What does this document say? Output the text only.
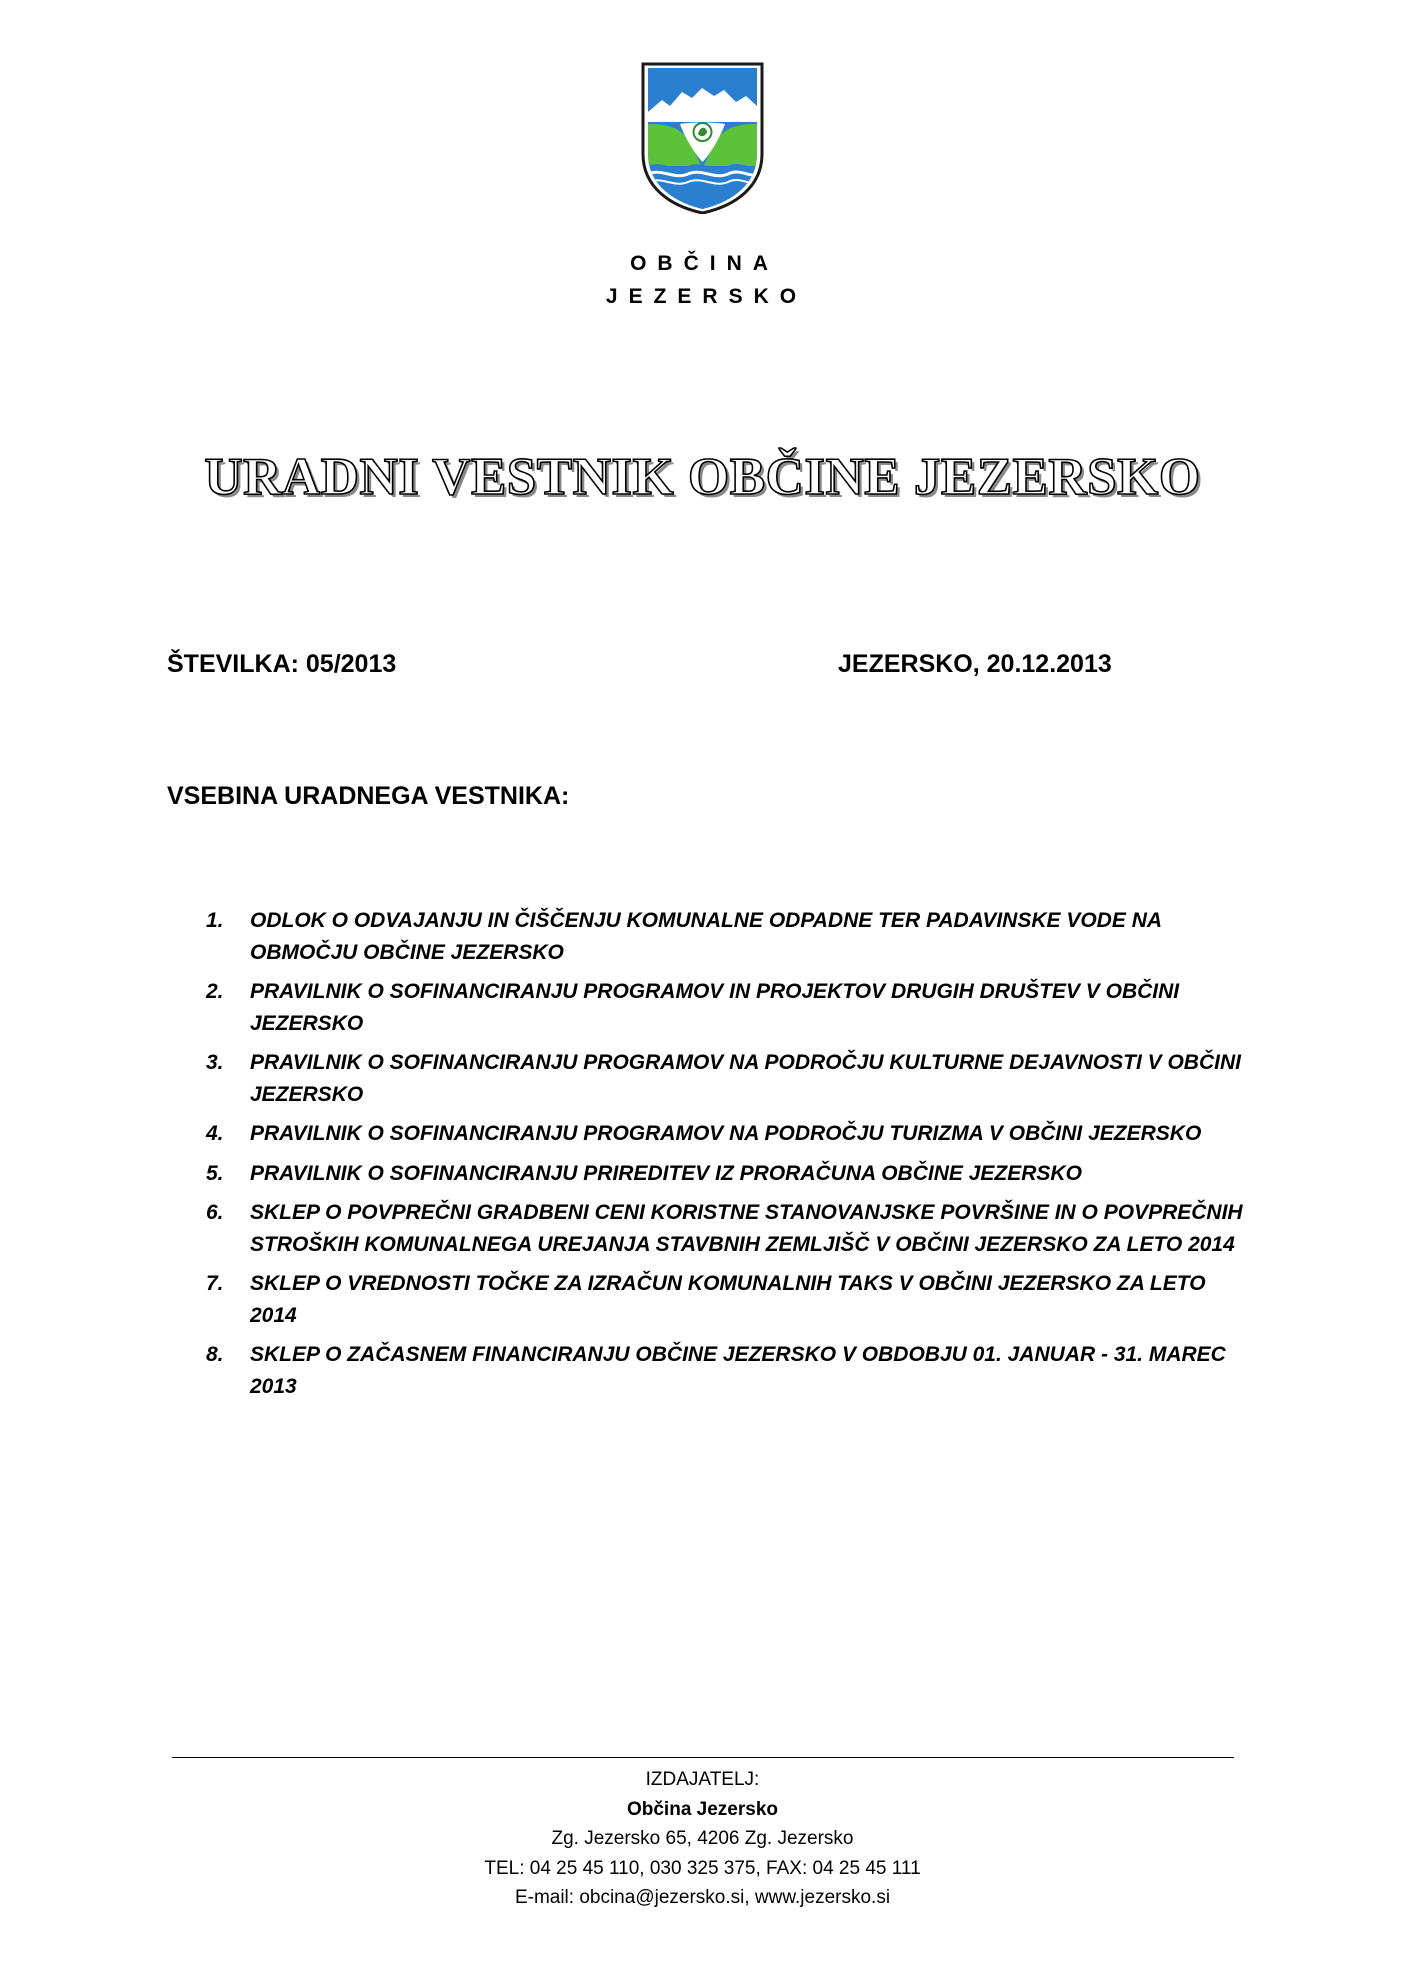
OBČINA
JEZERSKO
URADNI VESTNIK OBČINE JEZERSKO
ŠTEVILKA: 05/2013	JEZERSKO, 20.12.2013
VSEBINA URADNEGA VESTNIKA:
1.	ODLOK O ODVAJANJU IN ČIŠČENJU KOMUNALNE ODPADNE TER PADAVINSKE VODE NA OBMOČJU OBČINE JEZERSKO
2.	PRAVILNIK O SOFINANCIRANJU PROGRAMOV IN PROJEKTOV DRUGIH DRUŠTEV V OBČINI JEZERSKO
3.	PRAVILNIK O SOFINANCIRANJU PROGRAMOV NA PODROČJU KULTURNE DEJAVNOSTI V OBČINI JEZERSKO
4.	PRAVILNIK O SOFINANCIRANJU PROGRAMOV NA PODROČJU TURIZMA V OBČINI JEZERSKO
5.	PRAVILNIK O SOFINANCIRANJU PRIREDITEV IZ PRORAČUNA OBČINE JEZERSKO
6.	SKLEP O POVPREČNI GRADBENI CENI KORISTNE STANOVANJSKE POVRŠINE IN O POVPREČNIH STROŠKIH KOMUNALNEGA UREJANJA STAVBNIH ZEMLJIŠČ V OBČINI JEZERSKO ZA LETO 2014
7.	SKLEP O VREDNOSTI TOČKE ZA IZRAČUN KOMUNALNIH TAKS V OBČINI JEZERSKO ZA LETO 2014
8.	SKLEP O ZAČASNEM FINANCIRANJU OBČINE JEZERSKO V OBDOBJU 01. JANUAR - 31. MAREC 2013
IZDAJATELJ:
Občina Jezersko
Zg. Jezersko 65, 4206 Zg. Jezersko
TEL: 04 25 45 110, 030 325 375, FAX: 04 25 45 111
E-mail: obcina@jezersko.si, www.jezersko.si
